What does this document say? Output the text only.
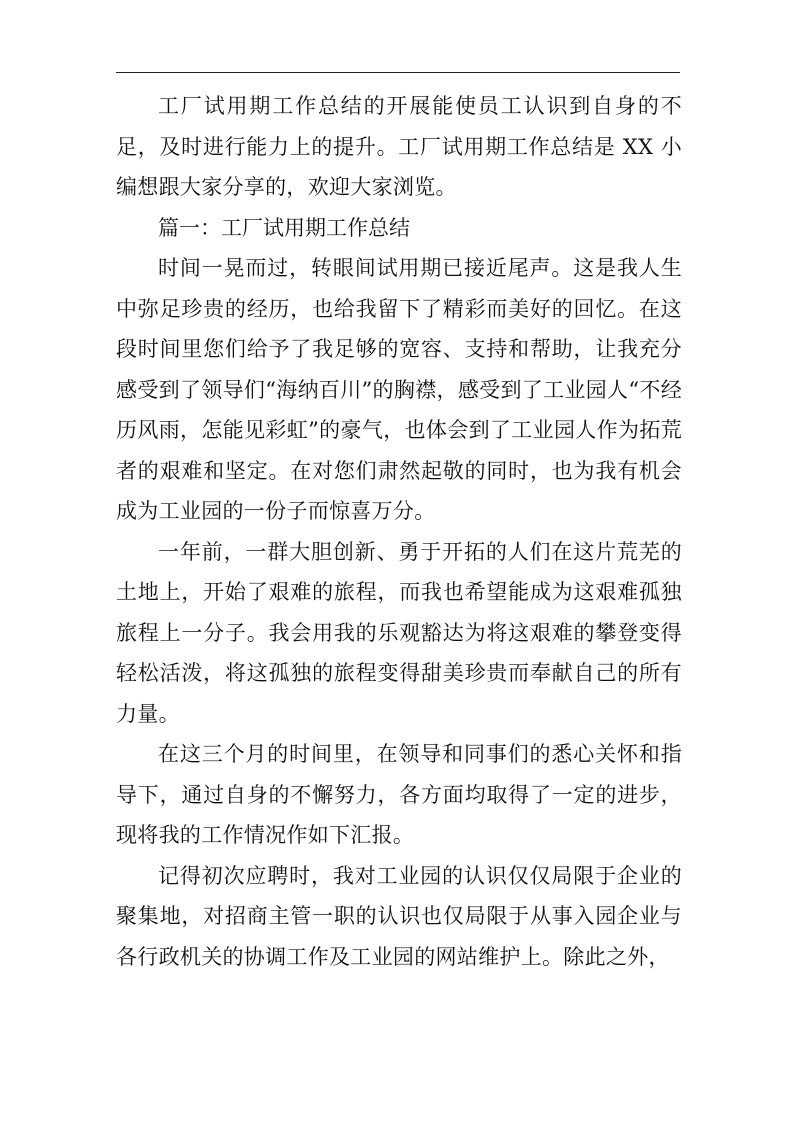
工厂试用期工作总结的开展能使员工认识到自身的不足，及时进行能力上的提升。工厂试用期工作总结是 XX 小编想跟大家分享的，欢迎大家浏览。

篇一：工厂试用期工作总结

时间一晃而过，转眼间试用期已接近尾声。这是我人生中弥足珍贵的经历，也给我留下了精彩而美好的回忆。在这段时间里您们给予了我足够的宽容、支持和帮助，让我充分感受到了领导们“海纳百川”的胸襟，感受到了工业园人“不经历风雨，怎能见彩虹”的豪气，也体会到了工业园人作为拓荒者的艰难和坚定。在对您们肃然起敬的同时，也为我有机会成为工业园的一份子而惊喜万分。

一年前，一群大胆创新、勇于开拓的人们在这片荒芜的土地上，开始了艰难的旅程，而我也希望能成为这艰难孤独旅程上一分子。我会用我的乐观豁达为将这艰难的攀登变得轻松活泼，将这孤独的旅程变得甜美珍贵而奉献自己的所有力量。

在这三个月的时间里，在领导和同事们的悉心关怀和指导下，通过自身的不懈努力，各方面均取得了一定的进步，现将我的工作情况作如下汇报。

记得初次应聘时，我对工业园的认识仅仅局限于企业的聚集地，对招商主管一职的认识也仅局限于从事入园企业与各行政机关的协调工作及工业园的网站维护上。除此之外，
